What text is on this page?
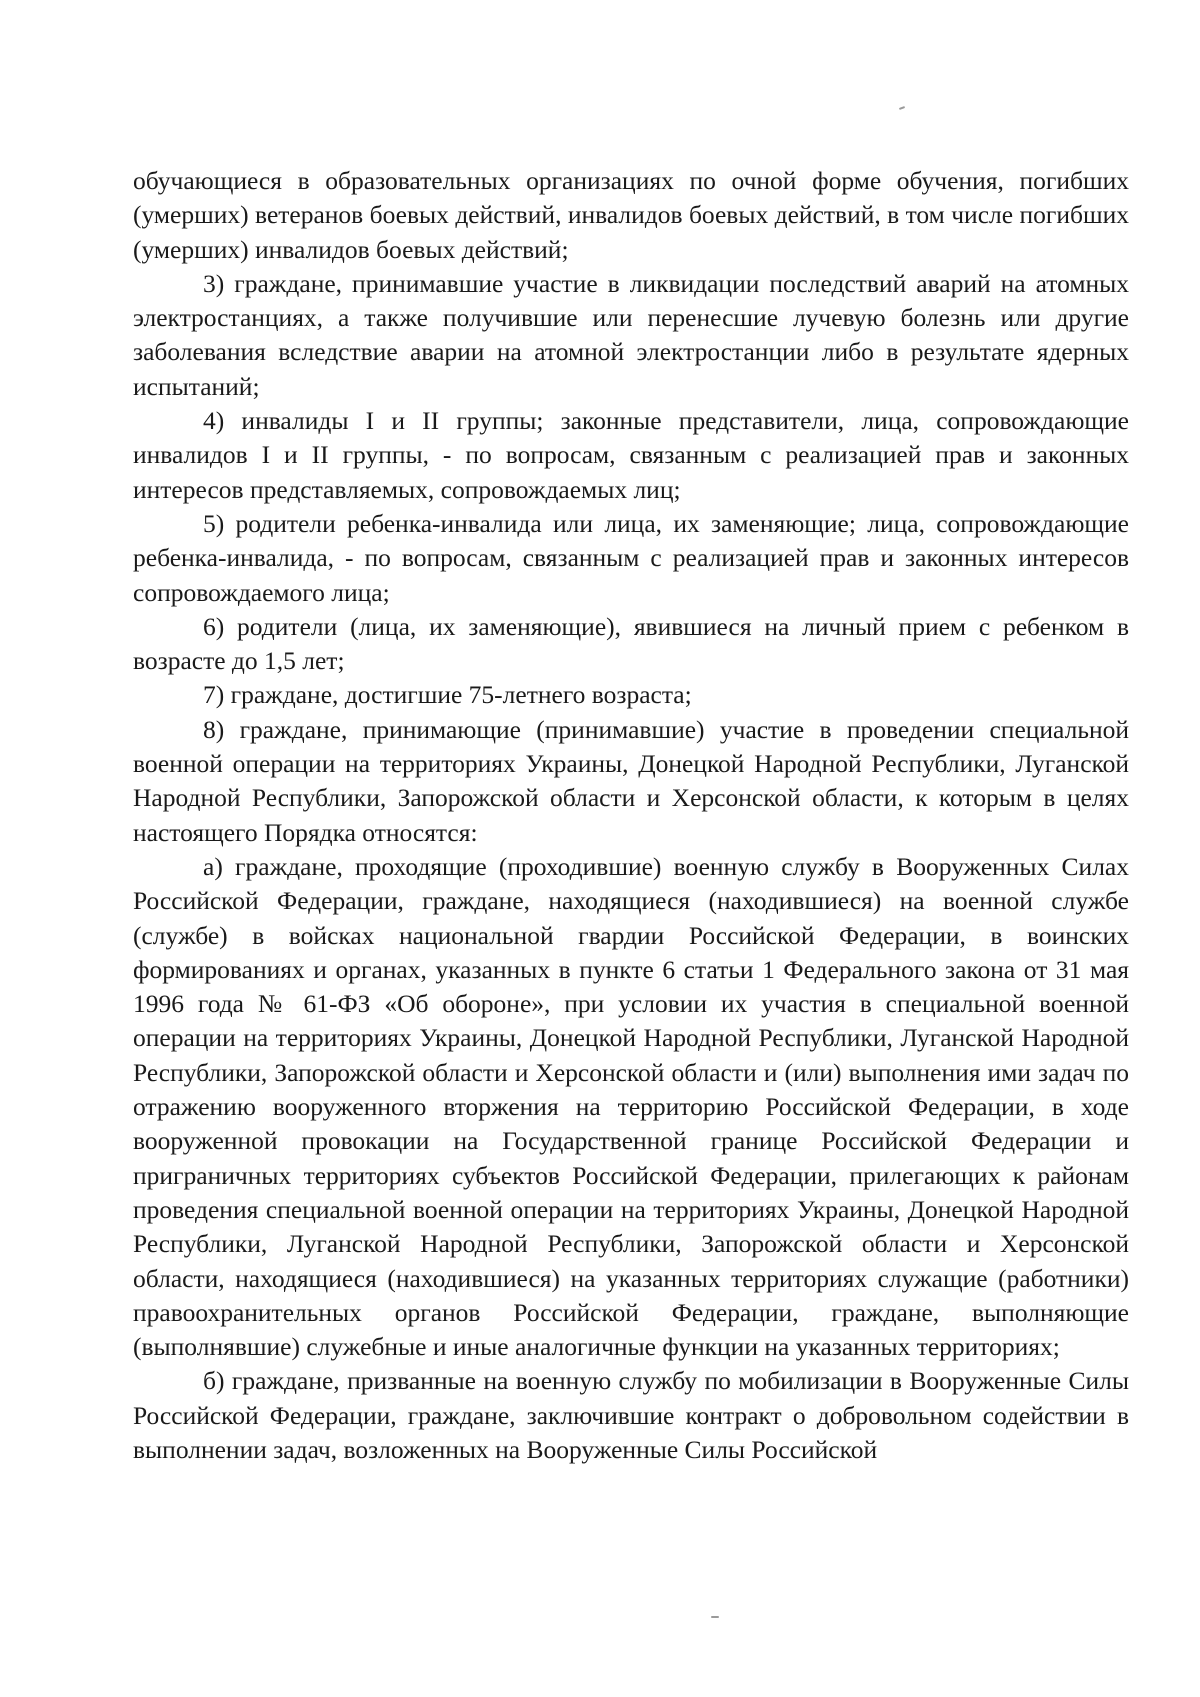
обучающиеся в образовательных организациях по очной форме обучения, погибших (умерших) ветеранов боевых действий, инвалидов боевых действий, в том числе погибших (умерших) инвалидов боевых действий;

3) граждане, принимавшие участие в ликвидации последствий аварий на атомных электростанциях, а также получившие или перенесшие лучевую болезнь или другие заболевания вследствие аварии на атомной электростанции либо в результате ядерных испытаний;

4) инвалиды I и II группы; законные представители, лица, сопровождающие инвалидов I и II группы, - по вопросам, связанным с реализацией прав и законных интересов представляемых, сопровождаемых лиц;

5) родители ребенка-инвалида или лица, их заменяющие; лица, сопровождающие ребенка-инвалида, - по вопросам, связанным с реализацией прав и законных интересов сопровождаемого лица;

6) родители (лица, их заменяющие), явившиеся на личный прием с ребенком в возрасте до 1,5 лет;

7) граждане, достигшие 75-летнего возраста;

8) граждане, принимающие (принимавшие) участие в проведении специальной военной операции на территориях Украины, Донецкой Народной Республики, Луганской Народной Республики, Запорожской области и Херсонской области, к которым в целях настоящего Порядка относятся:

а) граждане, проходящие (проходившие) военную службу в Вооруженных Силах Российской Федерации, граждане, находящиеся (находившиеся) на военной службе (службе) в войсках национальной гвардии Российской Федерации, в воинских формированиях и органах, указанных в пункте 6 статьи 1 Федерального закона от 31 мая 1996 года № 61-ФЗ «Об обороне», при условии их участия в специальной военной операции на территориях Украины, Донецкой Народной Республики, Луганской Народной Республики, Запорожской области и Херсонской области и (или) выполнения ими задач по отражению вооруженного вторжения на территорию Российской Федерации, в ходе вооруженной провокации на Государственной границе Российской Федерации и приграничных территориях субъектов Российской Федерации, прилегающих к районам проведения специальной военной операции на территориях Украины, Донецкой Народной Республики, Луганской Народной Республики, Запорожской области и Херсонской области, находящиеся (находившиеся) на указанных территориях служащие (работники) правоохранительных органов Российской Федерации, граждане, выполняющие (выполнявшие) служебные и иные аналогичные функции на указанных территориях;

б) граждане, призванные на военную службу по мобилизации в Вооруженные Силы Российской Федерации, граждане, заключившие контракт о добровольном содействии в выполнении задач, возложенных на Вооруженные Силы Российской
